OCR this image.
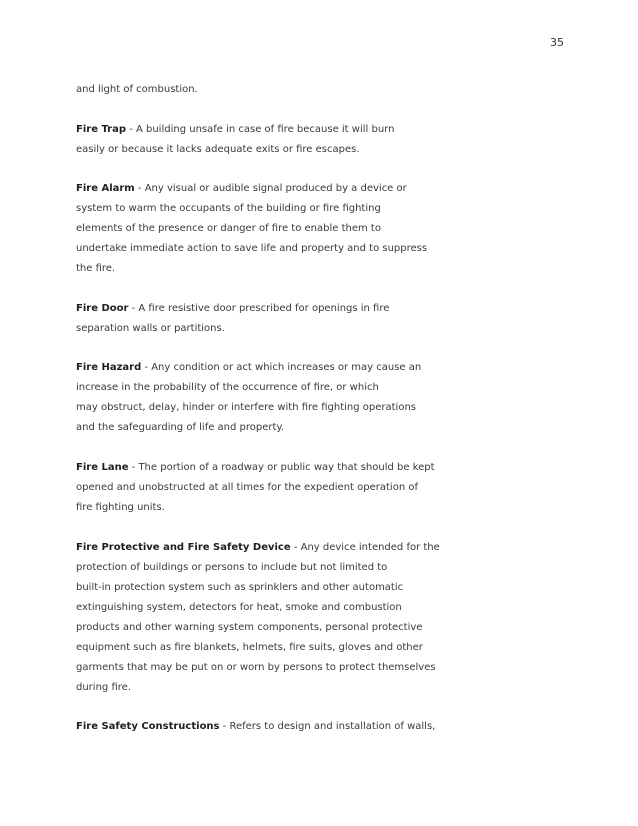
35
and light of combustion.
Fire Trap - A building unsafe in case of fire because it will burn
easily or because it lacks adequate exits or fire escapes.
Fire Alarm - Any visual or audible signal produced by a device or
system to warm the occupants of the building or fire fighting
elements of the presence or danger of fire to enable them to
undertake immediate action to save life and property and to suppress
the fire.
Fire Door - A fire resistive door prescribed for openings in fire
separation walls or partitions.
Fire Hazard - Any condition or act which increases or may cause an
increase in the probability of the occurrence of fire, or which
may obstruct, delay, hinder or interfere with fire fighting operations
and the safeguarding of life and property.
Fire Lane - The portion of a roadway or public way that should be kept
opened and unobstructed at all times for the expedient operation of
fire fighting units.
Fire Protective and Fire Safety Device - Any device intended for the
protection of buildings or persons to include but not limited to
built-in protection system such as sprinklers and other automatic
extinguishing system, detectors for heat, smoke and combustion
products and other warning system components, personal protective
equipment such as fire blankets, helmets, fire suits, gloves and other
garments that may be put on or worn by persons to protect themselves
during fire.
Fire Safety Constructions - Refers to design and installation of walls,
